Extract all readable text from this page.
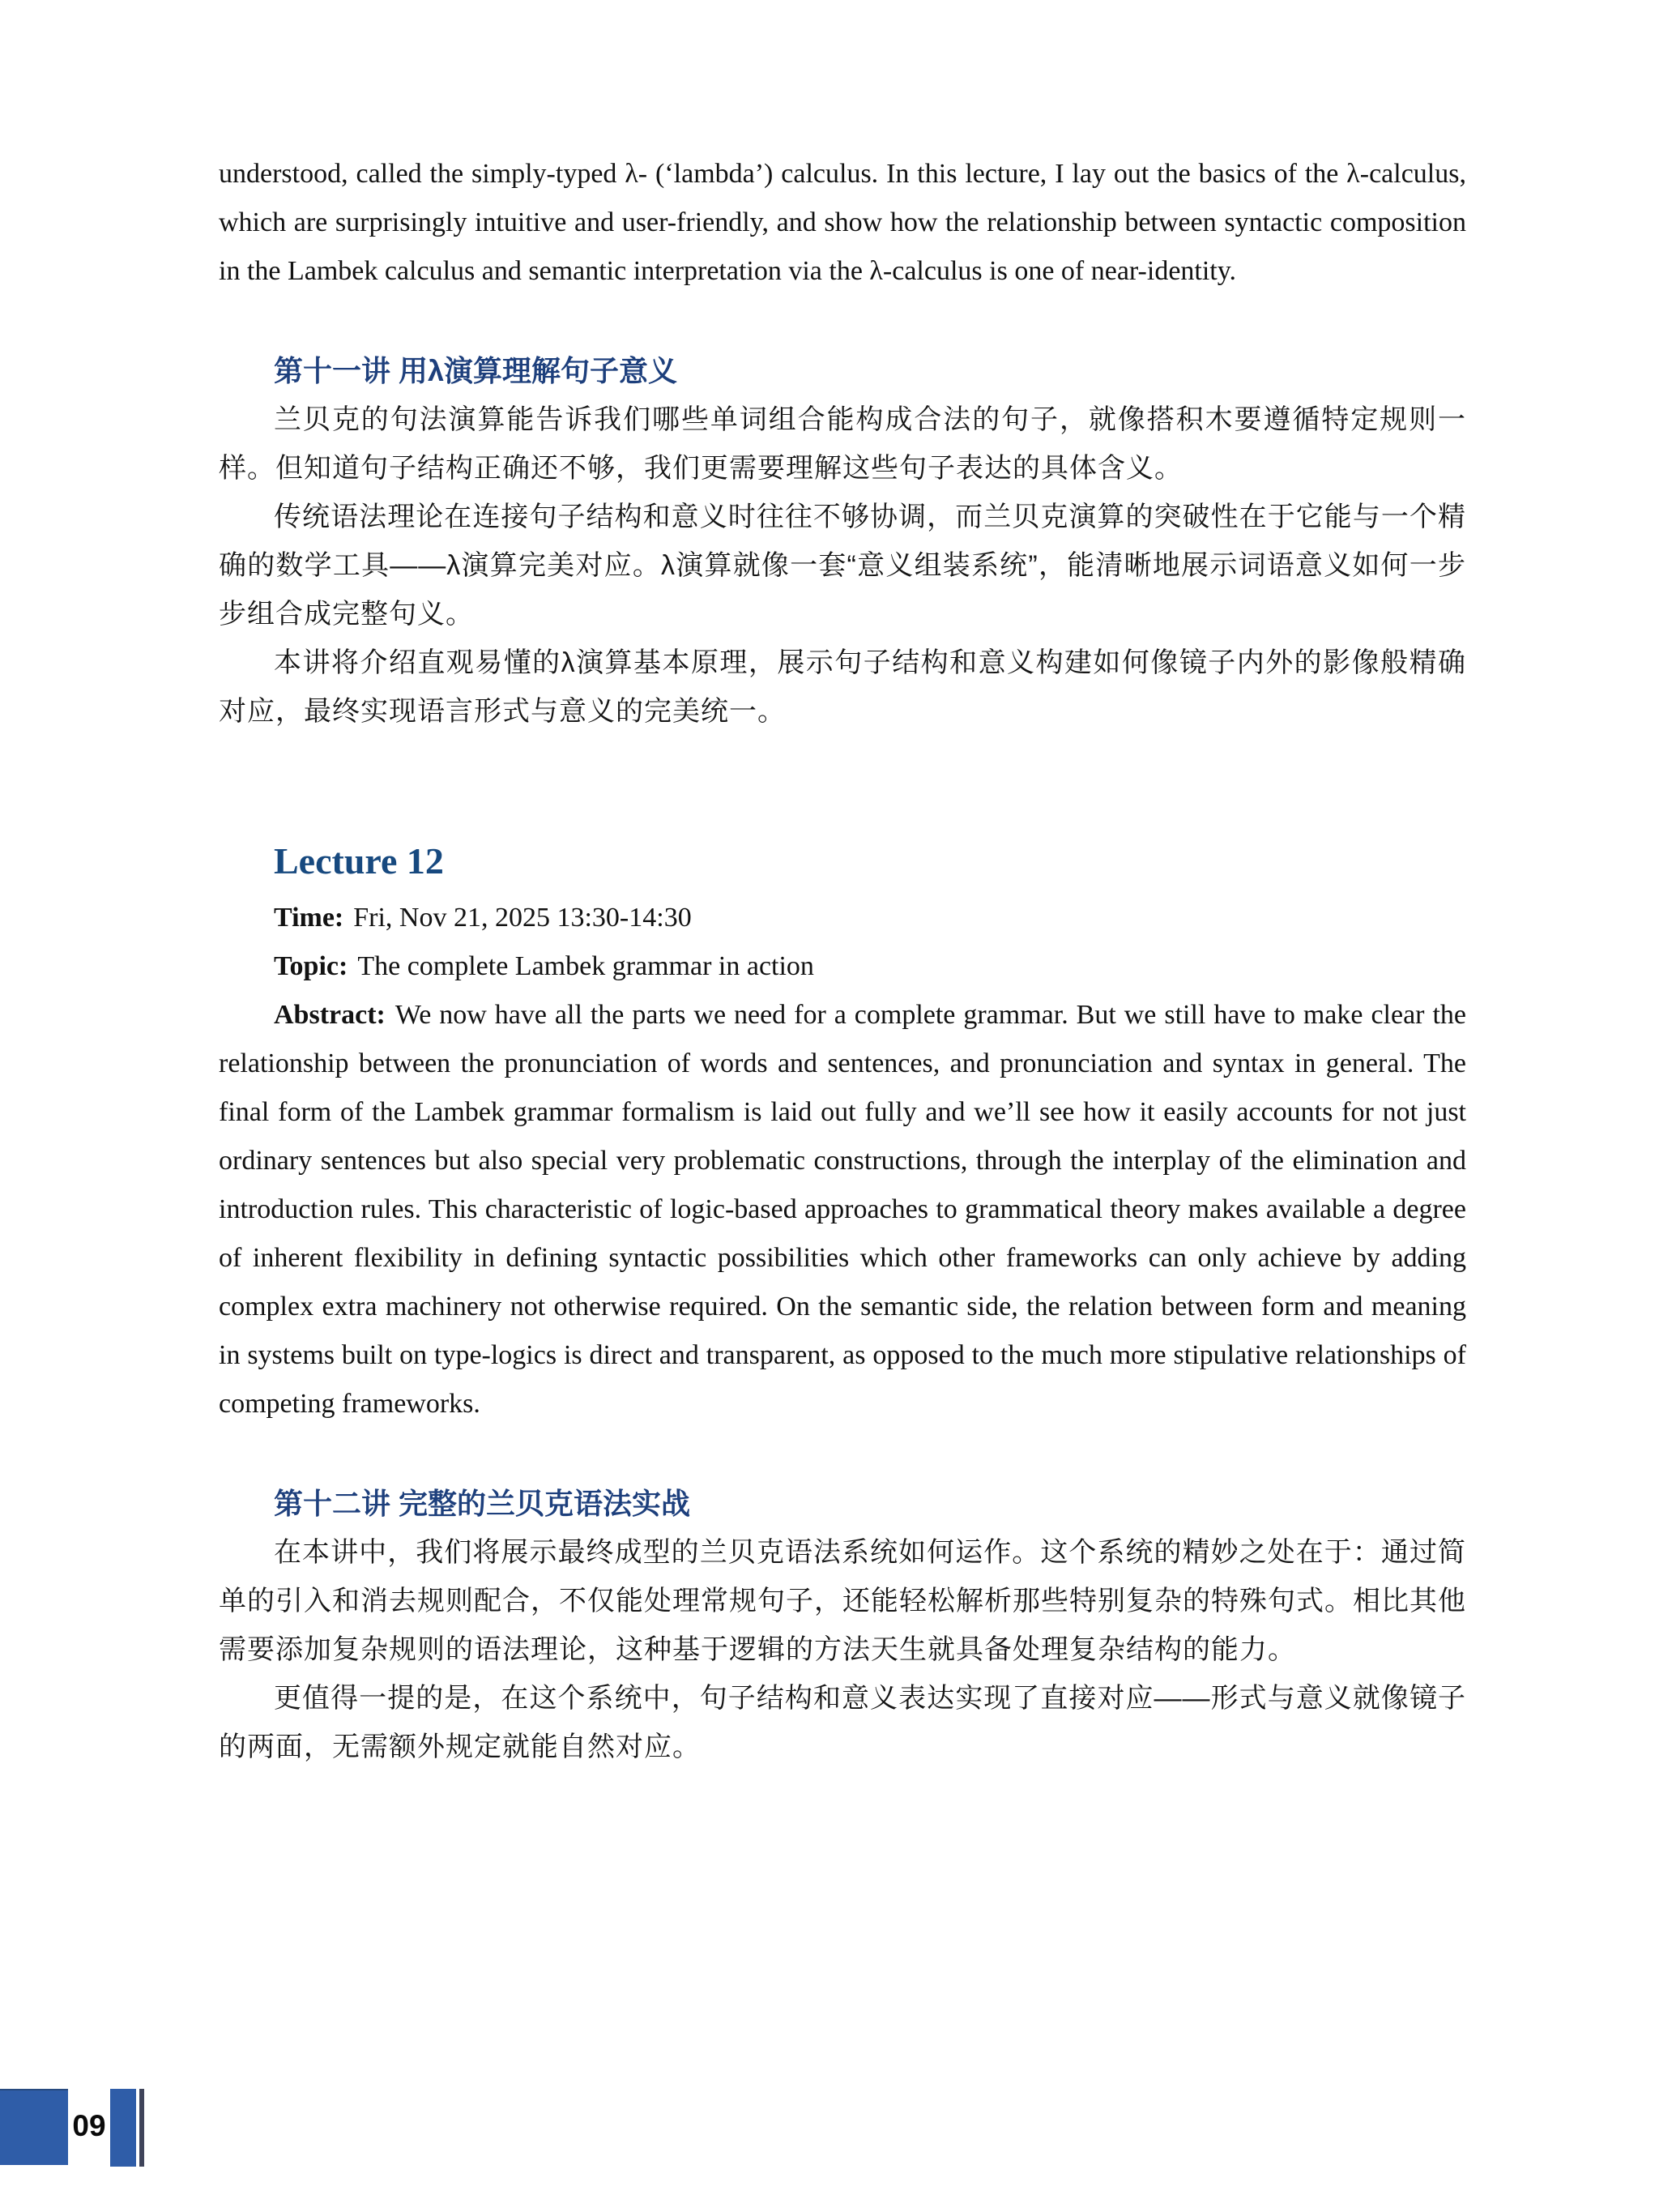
understood, called the simply-typed λ- (‘lambda’) calculus. In this lecture, I lay out the basics of the λ-calculus, which are surprisingly intuitive and user-friendly, and show how the relationship between syntactic composition in the Lambek calculus and semantic interpretation via the λ-calculus is one of near-identity.

第十一讲 用λ演算理解句子意义

兰贝克的句法演算能告诉我们哪些单词组合能构成合法的句子，就像搭积木要遵循特定规则一样。但知道句子结构正确还不够，我们更需要理解这些句子表达的具体含义。

传统语法理论在连接句子结构和意义时往往不够协调，而兰贝克演算的突破性在于它能与一个精确的数学工具——λ演算完美对应。λ演算就像一套“意义组装系统”，能清晰地展示词语意义如何一步步组合成完整句义。

本讲将介绍直观易懂的λ演算基本原理，展示句子结构和意义构建如何像镜子内外的影像般精确对应，最终实现语言形式与意义的完美统一。

Lecture 12

Time: Fri, Nov 21, 2025 13:30-14:30

Topic: The complete Lambek grammar in action

Abstract: We now have all the parts we need for a complete grammar. But we still have to make clear the relationship between the pronunciation of words and sentences, and pronunciation and syntax in general. The final form of the Lambek grammar formalism is laid out fully and we’ll see how it easily accounts for not just ordinary sentences but also special very problematic constructions, through the interplay of the elimination and introduction rules. This characteristic of logic-based approaches to grammatical theory makes available a degree of inherent flexibility in defining syntactic possibilities which other frameworks can only achieve by adding complex extra machinery not otherwise required. On the semantic side, the relation between form and meaning in systems built on type-logics is direct and transparent, as opposed to the much more stipulative relationships of competing frameworks.

第十二讲 完整的兰贝克语法实战

在本讲中，我们将展示最终成型的兰贝克语法系统如何运作。这个系统的精妙之处在于：通过简单的引入和消去规则配合，不仅能处理常规句子，还能轻松解析那些特别复杂的特殊句式。相比其他需要添加复杂规则的语法理论，这种基于逻辑的方法天生就具备处理复杂结构的能力。

更值得一提的是，在这个系统中，句子结构和意义表达实现了直接对应——形式与意义就像镜子的两面，无需额外规定就能自然对应。

09
